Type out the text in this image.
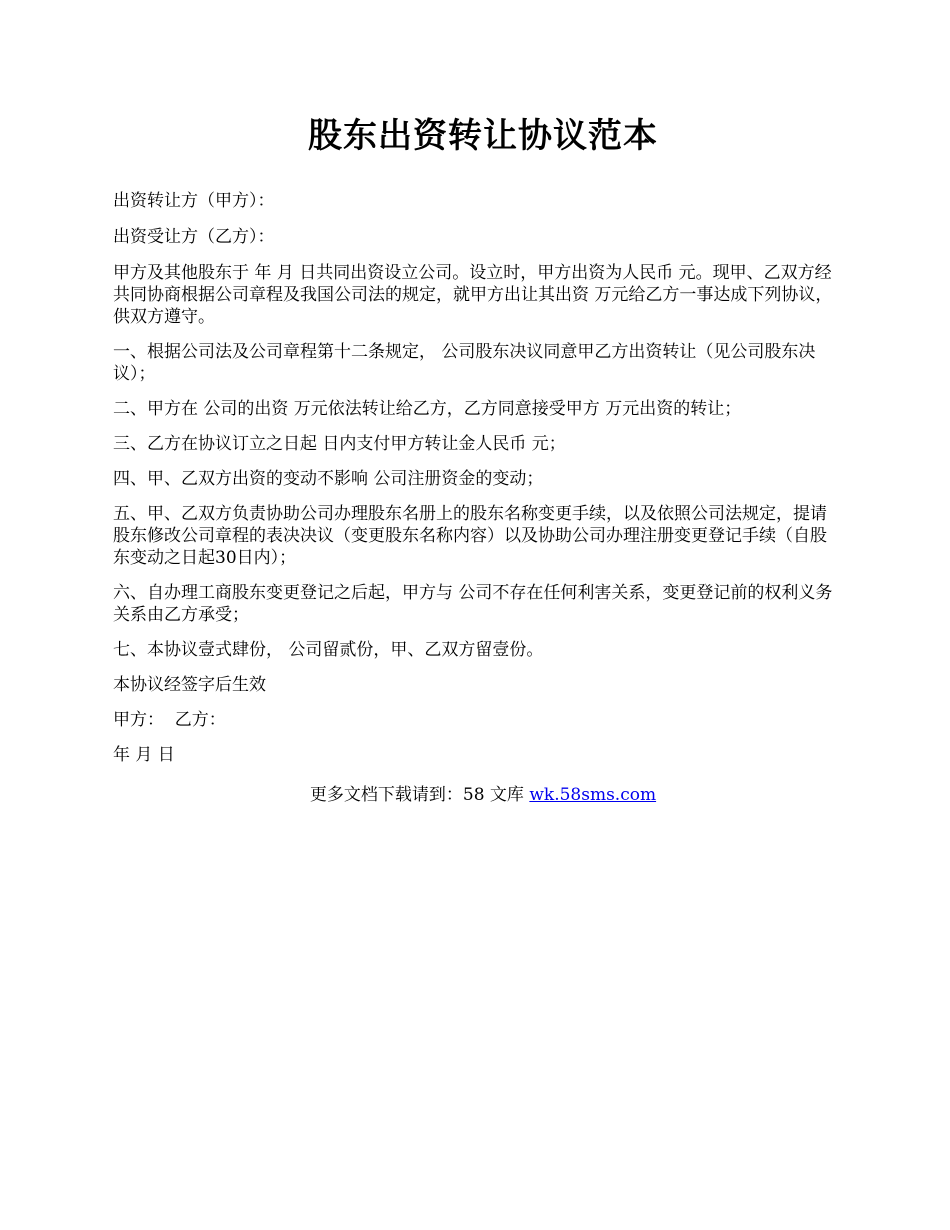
股东出资转让协议范本

出资转让方（甲方）：

出资受让方（乙方）：

甲方及其他股东于 年 月 日共同出资设立公司。设立时，甲方出资为人民币 元。现甲、乙双方经共同协商根据公司章程及我国公司法的规定，就甲方出让其出资 万元给乙方一事达成下列协议，供双方遵守。

一、根据公司法及公司章程第十二条规定， 公司股东决议同意甲乙方出资转让（见公司股东决议）；

二、甲方在 公司的出资 万元依法转让给乙方，乙方同意接受甲方 万元出资的转让；

三、乙方在协议订立之日起 日内支付甲方转让金人民币 元；

四、甲、乙双方出资的变动不影响 公司注册资金的变动；

五、甲、乙双方负责协助公司办理股东名册上的股东名称变更手续，以及依照公司法规定，提请股东修改公司章程的表决决议（变更股东名称内容）以及协助公司办理注册变更登记手续（自股东变动之日起30日内）；

六、自办理工商股东变更登记之后起，甲方与 公司不存在任何利害关系，变更登记前的权利义务关系由乙方承受；

七、本协议壹式肆份， 公司留贰份，甲、乙双方留壹份。

本协议经签字后生效

甲方：  乙方：

年 月 日

更多文档下载请到：58 文库 wk.58sms.com
